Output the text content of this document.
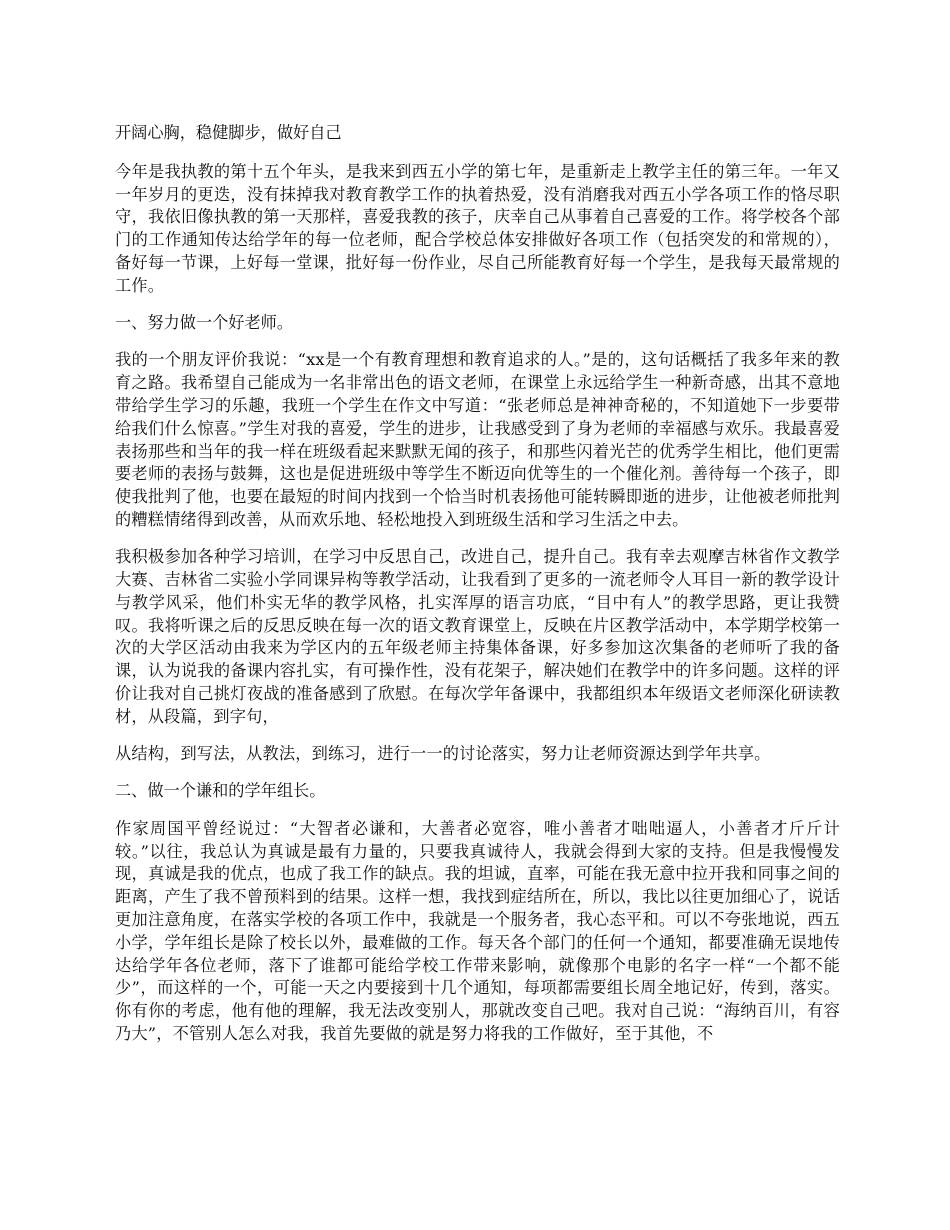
开阔心胸，稳健脚步，做好自己

今年是我执教的第十五个年头，是我来到西五小学的第七年，是重新走上教学主任的第三年。一年又一年岁月的更迭，没有抹掉我对教育教学工作的执着热爱，没有消磨我对西五小学各项工作的恪尽职守，我依旧像执教的第一天那样，喜爱我教的孩子，庆幸自己从事着自己喜爱的工作。将学校各个部门的工作通知传达给学年的每一位老师，配合学校总体安排做好各项工作（包括突发的和常规的），备好每一节课，上好每一堂课，批好每一份作业，尽自己所能教育好每一个学生，是我每天最常规的工作。

一、努力做一个好老师。

我的一个朋友评价我说：“xx是一个有教育理想和教育追求的人。”是的，这句话概括了我多年来的教育之路。我希望自己能成为一名非常出色的语文老师，在课堂上永远给学生一种新奇感，出其不意地带给学生学习的乐趣，我班一个学生在作文中写道：“张老师总是神神奇秘的，不知道她下一步要带给我们什么惊喜。”学生对我的喜爱，学生的进步，让我感受到了身为老师的幸福感与欢乐。我最喜爱表扬那些和当年的我一样在班级看起来默默无闻的孩子，和那些闪着光芒的优秀学生相比，他们更需要老师的表扬与鼓舞，这也是促进班级中等学生不断迈向优等生的一个催化剂。善待每一个孩子，即使我批判了他，也要在最短的时间内找到一个恰当时机表扬他可能转瞬即逝的进步，让他被老师批判的糟糕情绪得到改善，从而欢乐地、轻松地投入到班级生活和学习生活之中去。

我积极参加各种学习培训，在学习中反思自己，改进自己，提升自己。我有幸去观摩吉林省作文教学大赛、吉林省二实验小学同课异构等教学活动，让我看到了更多的一流老师令人耳目一新的教学设计与教学风采，他们朴实无华的教学风格，扎实浑厚的语言功底，“目中有人”的教学思路，更让我赞叹。我将听课之后的反思反映在每一次的语文教育课堂上，反映在片区教学活动中，本学期学校第一次的大学区活动由我来为学区内的五年级老师主持集体备课，好多参加这次集备的老师听了我的备课，认为说我的备课内容扎实，有可操作性，没有花架子，解决她们在教学中的许多问题。这样的评价让我对自己挑灯夜战的准备感到了欣慰。在每次学年备课中，我都组织本年级语文老师深化研读教材，从段篇，到字句，

从结构，到写法，从教法，到练习，进行一一的讨论落实，努力让老师资源达到学年共享。

二、做一个谦和的学年组长。

作家周国平曾经说过：“大智者必谦和，大善者必宽容，唯小善者才咄咄逼人，小善者才斤斤计较。”以往，我总认为真诚是最有力量的，只要我真诚待人，我就会得到大家的支持。但是我慢慢发现，真诚是我的优点，也成了我工作的缺点。我的坦诚，直率，可能在我无意中拉开我和同事之间的距离，产生了我不曾预料到的结果。这样一想，我找到症结所在，所以，我比以往更加细心了，说话更加注意角度，在落实学校的各项工作中，我就是一个服务者，我心态平和。可以不夸张地说，西五小学，学年组长是除了校长以外，最难做的工作。每天各个部门的任何一个通知，都要准确无误地传达给学年各位老师，落下了谁都可能给学校工作带来影响，就像那个电影的名字一样“一个都不能少”，而这样的一个，可能一天之内要接到十几个通知，每项都需要组长周全地记好，传到，落实。你有你的考虑，他有他的理解，我无法改变别人，那就改变自己吧。我对自己说：“海纳百川，有容乃大”，不管别人怎么对我，我首先要做的就是努力将我的工作做好，至于其他，不
